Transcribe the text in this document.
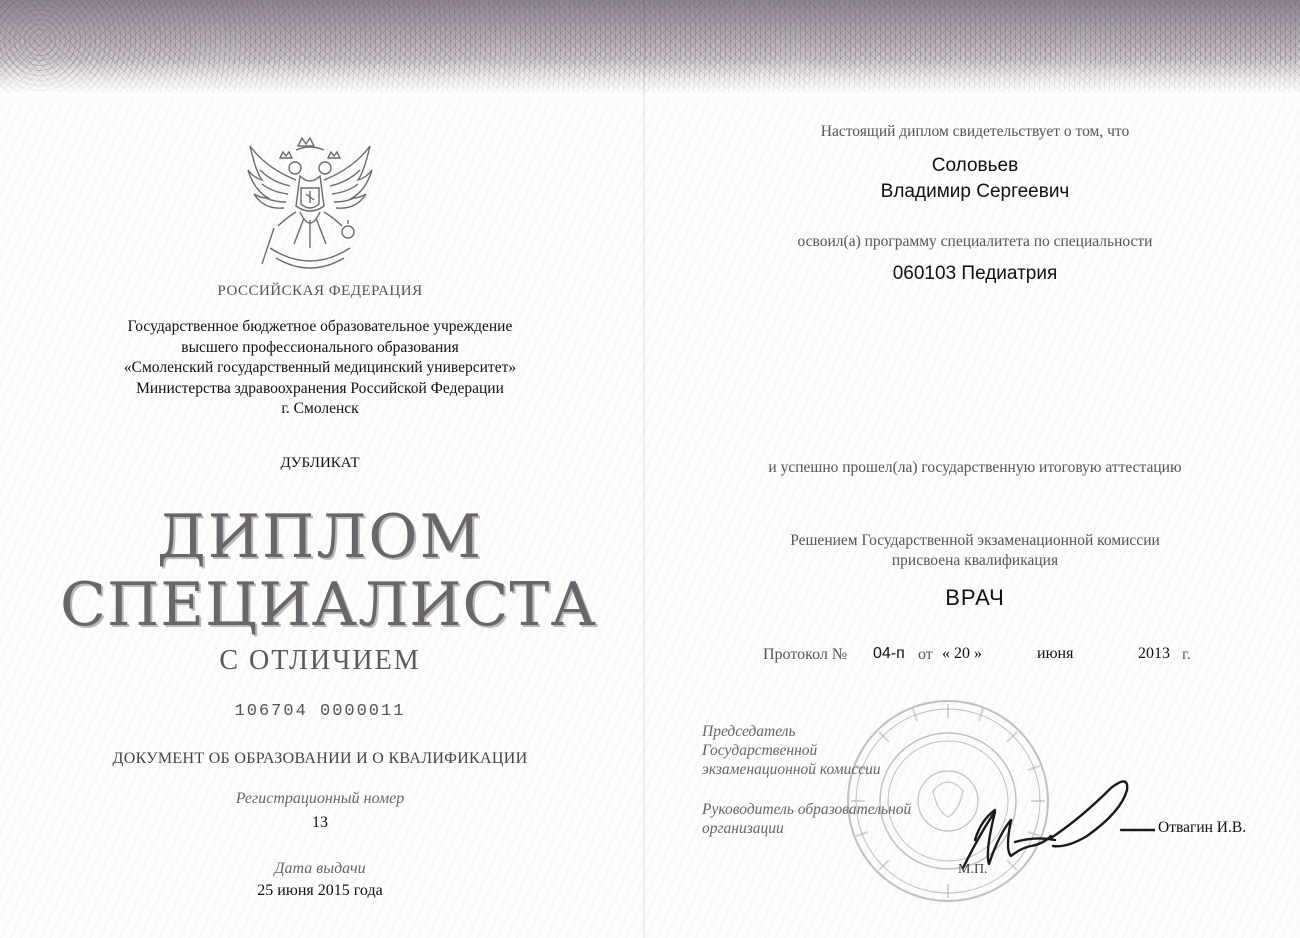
РОССИЙСКАЯ ФЕДЕРАЦИЯ
Государственное бюджетное образовательное учреждение
высшего профессионального образования
«Смоленский государственный медицинский университет»
Министерства здравоохранения Российской Федерации
г. Смоленск
ДУБЛИКАТ
ДИПЛОМ
СПЕЦИАЛИСТА
С ОТЛИЧИЕМ
106704 0000011
ДОКУМЕНТ ОБ ОБРАЗОВАНИИ И О КВАЛИФИКАЦИИ
Регистрационный номер
13
Дата выдачи
25 июня 2015 года
Настоящий диплом свидетельствует о том, что
Соловьев
Владимир Сергеевич
освоил(а) программу специалитета по специальности
060103 Педиатрия
и успешно прошел(ла) государственную итоговую аттестацию
Решением Государственной экзаменационной комиссии
присвоена квалификация
ВРАЧ
Протокол № 04-п от « 20 »	июня	2013 г.
Председатель
Государственной
экзаменационной комиссии
Руководитель образовательной
организации	Отвагин И.В.
М.П.
